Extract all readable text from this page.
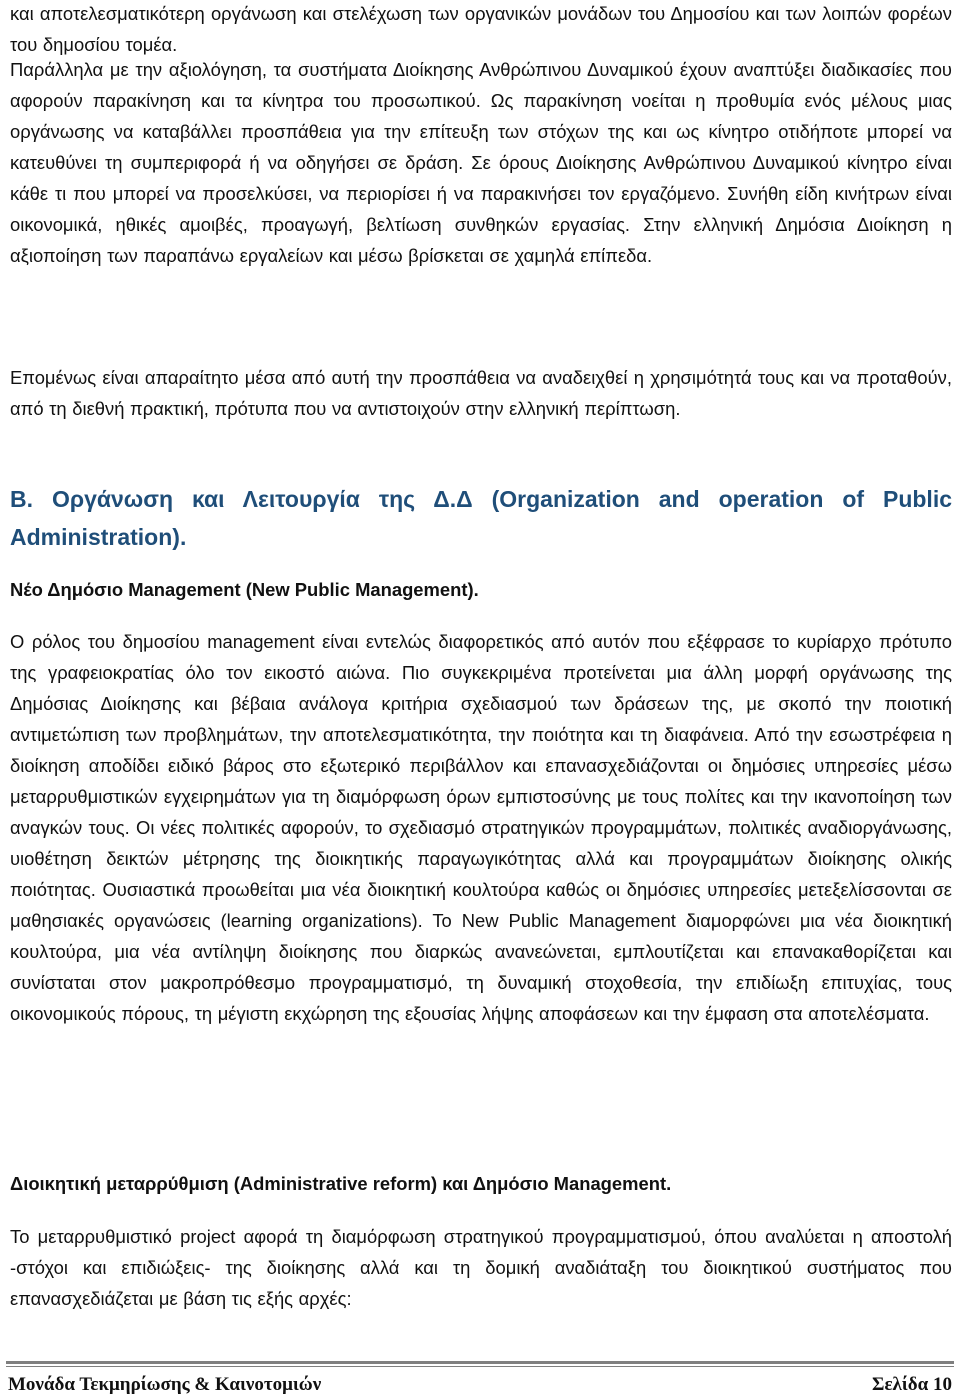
και αποτελεσματικότερη οργάνωση και στελέχωση των οργανικών μονάδων του Δημοσίου και των λοιπών φορέων του δημοσίου τομέα.

Παράλληλα με την αξιολόγηση, τα συστήματα Διοίκησης Ανθρώπινου Δυναμικού έχουν αναπτύξει διαδικασίες που αφορούν παρακίνηση και τα κίνητρα του προσωπικού. Ως παρακίνηση νοείται η προθυμία ενός μέλους μιας οργάνωσης να καταβάλλει προσπάθεια για την επίτευξη των στόχων της και ως κίνητρο οτιδήποτε μπορεί να κατευθύνει τη συμπεριφορά ή να οδηγήσει σε δράση. Σε όρους Διοίκησης Ανθρώπινου Δυναμικού κίνητρο είναι κάθε τι που μπορεί να προσελκύσει, να περιορίσει ή να παρακινήσει τον εργαζόμενο. Συνήθη είδη κινήτρων είναι οικονομικά, ηθικές αμοιβές, προαγωγή, βελτίωση συνθηκών εργασίας. Στην ελληνική Δημόσια Διοίκηση η αξιοποίηση των παραπάνω εργαλείων και μέσω βρίσκεται σε χαμηλά επίπεδα.

Επομένως είναι απαραίτητο μέσα από αυτή την προσπάθεια να αναδειχθεί η χρησιμότητά τους και να προταθούν, από τη διεθνή πρακτική, πρότυπα που να αντιστοιχούν στην ελληνική περίπτωση.

Β. Οργάνωση και Λειτουργία της Δ.Δ (Organization and operation of Public Administration).
Νέο Δημόσιο Management (New Public Management).

Ο ρόλος του δημοσίου management είναι εντελώς διαφορετικός από αυτόν που εξέφρασε το κυρίαρχο πρότυπο της γραφειοκρατίας όλο τον εικοστό αιώνα. Πιο συγκεκριμένα προτείνεται μια άλλη μορφή οργάνωσης της Δημόσιας Διοίκησης και βέβαια ανάλογα κριτήρια σχεδιασμού των δράσεων της, με σκοπό την ποιοτική αντιμετώπιση των προβλημάτων, την αποτελεσματικότητα, την ποιότητα και τη διαφάνεια. Από την εσωστρέφεια η διοίκηση αποδίδει ειδικό βάρος στο εξωτερικό περιβάλλον και επανασχεδιάζονται οι δημόσιες υπηρεσίες μέσω μεταρρυθμιστικών εγχειρημάτων για τη διαμόρφωση όρων εμπιστοσύνης με τους πολίτες και την ικανοποίηση των αναγκών τους. Οι νέες πολιτικές αφορούν, το σχεδιασμό στρατηγικών προγραμμάτων, πολιτικές αναδιοργάνωσης, υιοθέτηση δεικτών μέτρησης της διοικητικής παραγωγικότητας αλλά και προγραμμάτων διοίκησης ολικής ποιότητας. Ουσιαστικά προωθείται μια νέα διοικητική κουλτούρα καθώς οι δημόσιες υπηρεσίες μετεξελίσσονται σε μαθησιακές οργανώσεις (learning organizations). Το New Public Management διαμορφώνει μια νέα διοικητική κουλτούρα, μια νέα αντίληψη διοίκησης που διαρκώς ανανεώνεται, εμπλουτίζεται και επανακαθορίζεται και συνίσταται στον μακροπρόθεσμο προγραμματισμό, τη δυναμική στοχοθεσία, την επιδίωξη επιτυχίας, τους οικονομικούς πόρους, τη μέγιστη εκχώρηση της εξουσίας λήψης αποφάσεων και την έμφαση στα αποτελέσματα.

Διοικητική μεταρρύθμιση (Administrative reform) και Δημόσιο Management.

Το μεταρρυθμιστικό project αφορά τη διαμόρφωση στρατηγικού προγραμματισμού, όπου αναλύεται η αποστολή -στόχοι και επιδιώξεις- της διοίκησης αλλά και τη δομική αναδιάταξη του διοικητικού συστήματος που επανασχεδιάζεται με βάση τις εξής αρχές:

Μονάδα Τεκμηρίωσης & Καινοτομιών	Σελίδα 10
